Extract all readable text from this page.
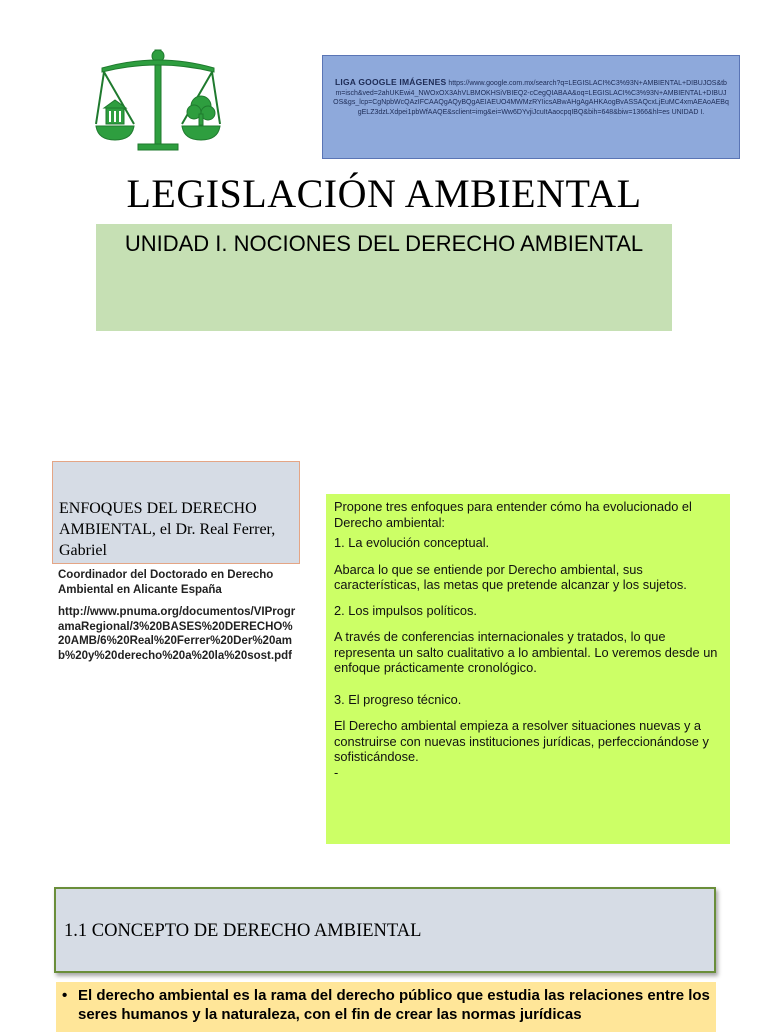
LIGA GOOGLE IMÁGENES https://www.google.com.mx/search?q=LEGISLACI%C3%93N+AMBIENTAL+DIBUJOS&tbm=isch&ved=2ahUKEwi4_NWOxOX3AhVLBMOKHSiVBIEQ2-cCegQIABAA&oq=LEGISLACI%C3%93N+AMBIENTAL+DIBUJOS&gs_lcp=CgNpbWcQAzIFCAAQgAQyBQgAEIAEUO4MWMzRYIicsABwAHgAgAHKAogBvASSAQcxLjEuMC4xmAEAoAEBqgELZ3dzLXdpei1pbWfAAQE&sclient=img&ei=Ww6DYvjiJcuItAaocpqIBQ&bih=648&biw=1366&hl=es UNIDAD I.
LEGISLACIÓN AMBIENTAL
UNIDAD I. NOCIONES DEL DERECHO AMBIENTAL
ENFOQUES DEL DERECHO AMBIENTAL, el Dr. Real Ferrer, Gabriel
Coordinador del Doctorado en Derecho Ambiental en Alicante España
http://www.pnuma.org/documentos/VIProgramaRegional/3%20BASES%20DERECHO%20AMB/6%20Real%20Ferrer%20Der%20amb%20y%20derecho%20a%20la%20sost.pdf

Propone tres enfoques para entender cómo ha evolucionado el Derecho ambiental:

1. La evolución conceptual.

Abarca lo que se entiende por Derecho ambiental, sus características, las metas que pretende alcanzar y los sujetos.

2. Los impulsos políticos.

A través de conferencias internacionales y tratados, lo que representa un salto cualitativo a lo ambiental. Lo veremos desde un enfoque prácticamente cronológico.

3. El progreso técnico.

El Derecho ambiental empieza a resolver situaciones nuevas y a construirse con nuevas instituciones jurídicas, perfeccionándose y sofisticándose.

-

1.1 CONCEPTO DE DERECHO AMBIENTAL
• El derecho ambiental es la rama del derecho público que estudia las relaciones entre los seres humanos y la naturaleza, con el fin de crear las normas jurídicas
